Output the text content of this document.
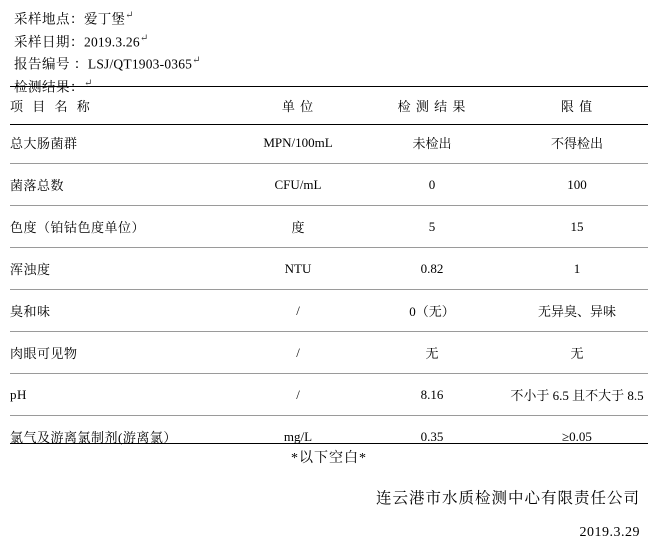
采样地点：爱丁堡↵
采样日期：2019.3.26↵
报告编号 ：LSJ/QT1903-0365↵
检测结果：↵
项 目 名 称	单 位	检 测 结 果	限 值
总大肠菌群	MPN/100mL	未检出	不得检出
菌落总数	CFU/mL	0	100
色度（铂钴色度单位）	度	5	15
浑浊度	NTU	0.82	1
臭和味	/	0（无）	无异臭、异味
肉眼可见物	/	无	无
pH	/	8.16	不小于 6.5 且不大于 8.5
氯气及游离氯制剂(游离氯）	mg/L	0.35	≥0.05
*以下空白*
连云港市水质检测中心有限责任公司
2019.3.29
